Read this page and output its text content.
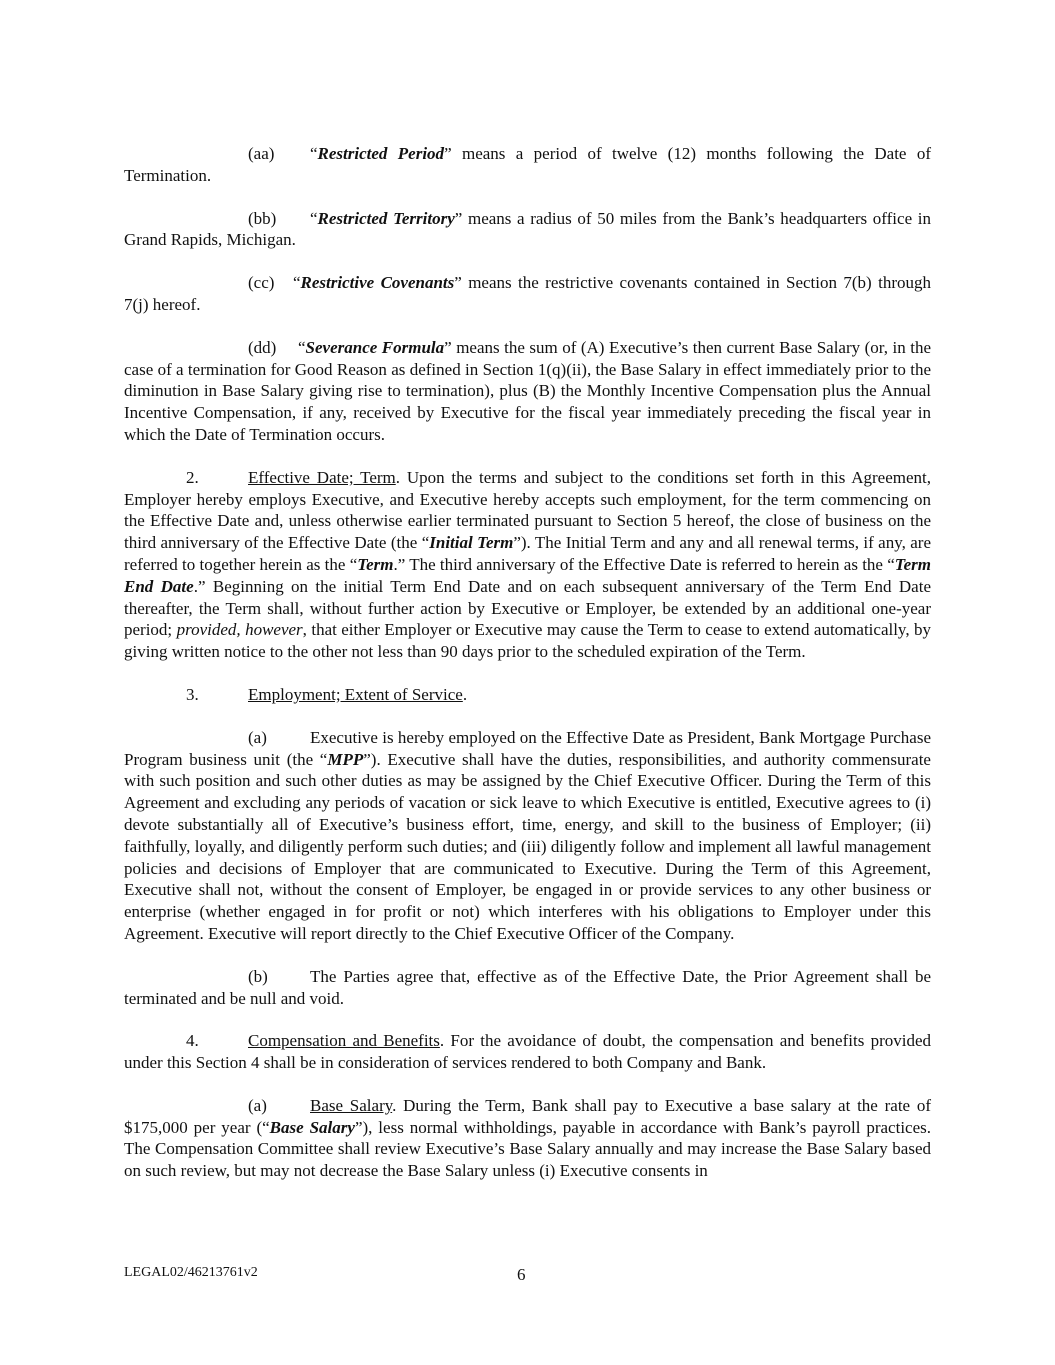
(aa) “Restricted Period” means a period of twelve (12) months following the Date of Termination.

(bb) “Restricted Territory” means a radius of 50 miles from the Bank’s headquarters office in Grand Rapids, Michigan.

(cc) “Restrictive Covenants” means the restrictive covenants contained in Section 7(b) through 7(j) hereof.

(dd) “Severance Formula” means the sum of (A) Executive’s then current Base Salary (or, in the case of a termination for Good Reason as defined in Section 1(q)(ii), the Base Salary in effect immediately prior to the diminution in Base Salary giving rise to termination), plus (B) the Monthly Incentive Compensation plus the Annual Incentive Compensation, if any, received by Executive for the fiscal year immediately preceding the fiscal year in which the Date of Termination occurs.

2.	Effective Date; Term. Upon the terms and subject to the conditions set forth in this Agreement, Employer hereby employs Executive, and Executive hereby accepts such employment, for the term commencing on the Effective Date and, unless otherwise earlier terminated pursuant to Section 5 hereof, the close of business on the third anniversary of the Effective Date (the “Initial Term”). The Initial Term and any and all renewal terms, if any, are referred to together herein as the “Term.” The third anniversary of the Effective Date is referred to herein as the “Term End Date.” Beginning on the initial Term End Date and on each subsequent anniversary of the Term End Date thereafter, the Term shall, without further action by Executive or Employer, be extended by an additional one-year period; provided, however, that either Employer or Executive may cause the Term to cease to extend automatically, by giving written notice to the other not less than 90 days prior to the scheduled expiration of the Term.

3.	Employment; Extent of Service.

(a)	Executive is hereby employed on the Effective Date as President, Bank Mortgage Purchase Program business unit (the “MPP”). Executive shall have the duties, responsibilities, and authority commensurate with such position and such other duties as may be assigned by the Chief Executive Officer. During the Term of this Agreement and excluding any periods of vacation or sick leave to which Executive is entitled, Executive agrees to (i) devote substantially all of Executive’s business effort, time, energy, and skill to the business of Employer; (ii) faithfully, loyally, and diligently perform such duties; and (iii) diligently follow and implement all lawful management policies and decisions of Employer that are communicated to Executive. During the Term of this Agreement, Executive shall not, without the consent of Employer, be engaged in or provide services to any other business or enterprise (whether engaged in for profit or not) which interferes with his obligations to Employer under this Agreement. Executive will report directly to the Chief Executive Officer of the Company.

(b) The Parties agree that, effective as of the Effective Date, the Prior Agreement shall be terminated and be null and void.

4.	Compensation and Benefits. For the avoidance of doubt, the compensation and benefits provided under this Section 4 shall be in consideration of services rendered to both Company and Bank.

(a)	Base Salary. During the Term, Bank shall pay to Executive a base salary at the rate of $175,000 per year (“Base Salary”), less normal withholdings, payable in accordance with Bank’s payroll practices. The Compensation Committee shall review Executive’s Base Salary annually and may increase the Base Salary based on such review, but may not decrease the Base Salary unless (i) Executive consents in

LEGAL02/46213761v2	6
